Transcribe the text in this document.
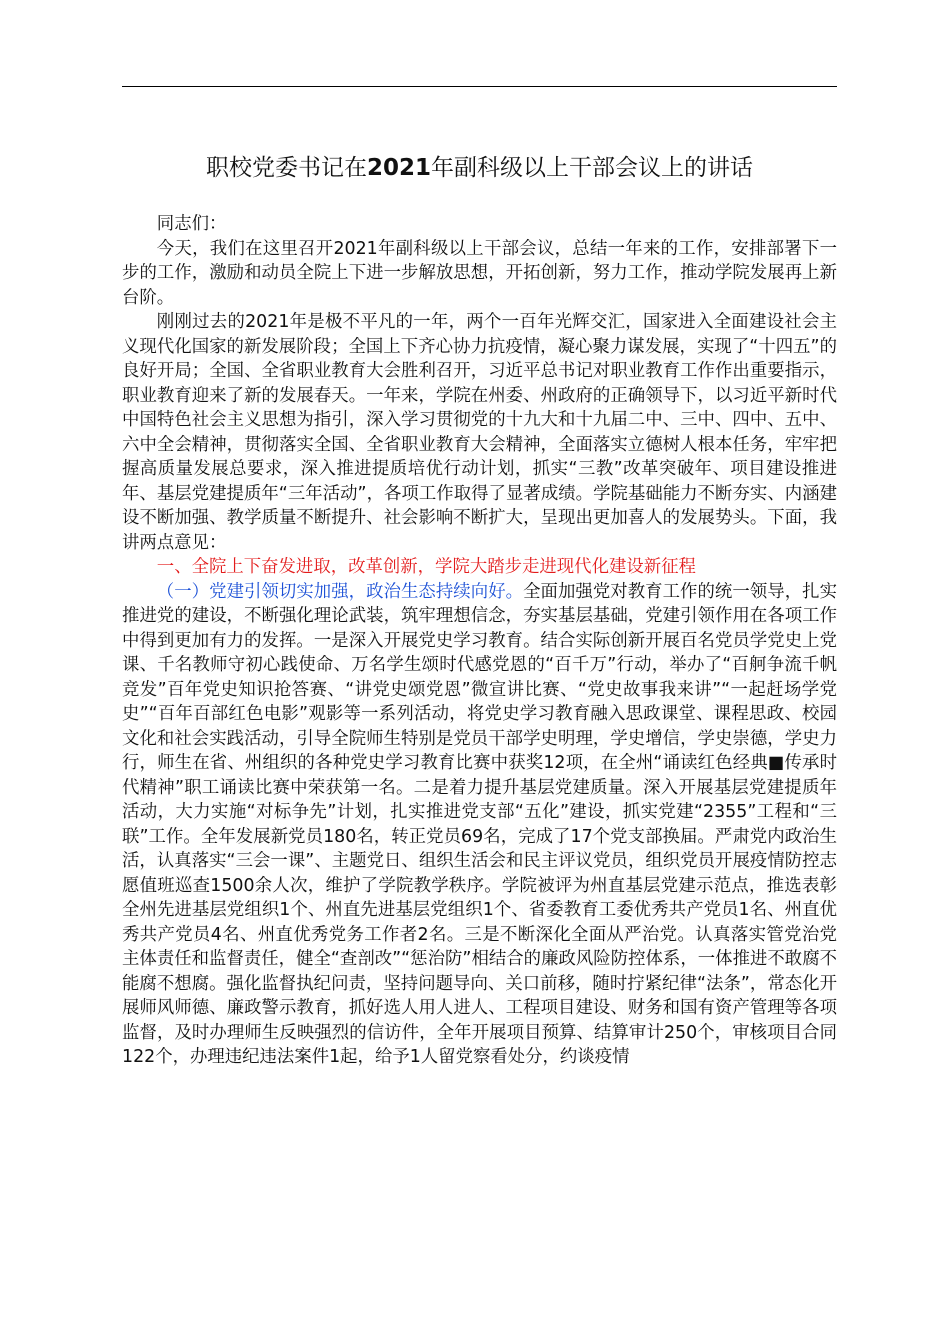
职校党委书记在2021年副科级以上干部会议上的讲话

同志们：

今天，我们在这里召开2021年副科级以上干部会议，总结一年来的工作，安排部署下一步的工作，激励和动员全院上下进一步解放思想，开拓创新，努力工作，推动学院发展再上新台阶。

刚刚过去的2021年是极不平凡的一年，两个一百年光辉交汇，国家进入全面建设社会主义现代化国家的新发展阶段；全国上下齐心协力抗疫情，凝心聚力谋发展，实现了“十四五”的良好开局；全国、全省职业教育大会胜利召开，习近平总书记对职业教育工作作出重要指示，职业教育迎来了新的发展春天。一年来，学院在州委、州政府的正确领导下，以习近平新时代中国特色社会主义思想为指引，深入学习贯彻党的十九大和十九届二中、三中、四中、五中、六中全会精神，贯彻落实全国、全省职业教育大会精神，全面落实立德树人根本任务，牢牢把握高质量发展总要求，深入推进提质培优行动计划，抓实“三教”改革突破年、项目建设推进年、基层党建提质年“三年活动”，各项工作取得了显著成绩。学院基础能力不断夯实、内涵建设不断加强、教学质量不断提升、社会影响不断扩大，呈现出更加喜人的发展势头。下面，我讲两点意见：

一、全院上下奋发进取，改革创新，学院大踏步走进现代化建设新征程

（一）党建引领切实加强，政治生态持续向好。全面加强党对教育工作的统一领导，扎实推进党的建设，不断强化理论武装，筑牢理想信念，夯实基层基础，党建引领作用在各项工作中得到更加有力的发挥。一是深入开展党史学习教育。结合实际创新开展百名党员学党史上党课、千名教师守初心践使命、万名学生颂时代感党恩的“百千万”行动，举办了“百舸争流千帆竞发”百年党史知识抢答赛、“讲党史颂党恩”微宣讲比赛、“党史故事我来讲”“一起赶场学党史”“百年百部红色电影”观影等一系列活动，将党史学习教育融入思政课堂、课程思政、校园文化和社会实践活动，引导全院师生特别是党员干部学史明理，学史增信，学史崇德，学史力行，师生在省、州组织的各种党史学习教育比赛中获奖12项，在全州“诵读红色经典■传承时代精神”职工诵读比赛中荣获第一名。二是着力提升基层党建质量。深入开展基层党建提质年活动，大力实施“对标争先”计划，扎实推进党支部“五化”建设，抓实党建“2355”工程和“三联”工作。全年发展新党员180名，转正党员69名，完成了17个党支部换届。严肃党内政治生活，认真落实“三会一课”、主题党日、组织生活会和民主评议党员，组织党员开展疫情防控志愿值班巡查1500余人次，维护了学院教学秩序。学院被评为州直基层党建示范点，推选表彰全州先进基层党组织1个、州直先进基层党组织1个、省委教育工委优秀共产党员1名、州直优秀共产党员4名、州直优秀党务工作者2名。三是不断深化全面从严治党。认真落实管党治党主体责任和监督责任，健全“查剖改”“惩治防”相结合的廉政风险防控体系，一体推进不敢腐不能腐不想腐。强化监督执纪问责，坚持问题导向、关口前移，随时拧紧纪律“法条”，常态化开展师风师德、廉政警示教育，抓好选人用人进人、工程项目建设、财务和国有资产管理等各项监督，及时办理师生反映强烈的信访件，全年开展项目预算、结算审计250个，审核项目合同122个，办理违纪违法案件1起，给予1人留党察看处分，约谈疫情
